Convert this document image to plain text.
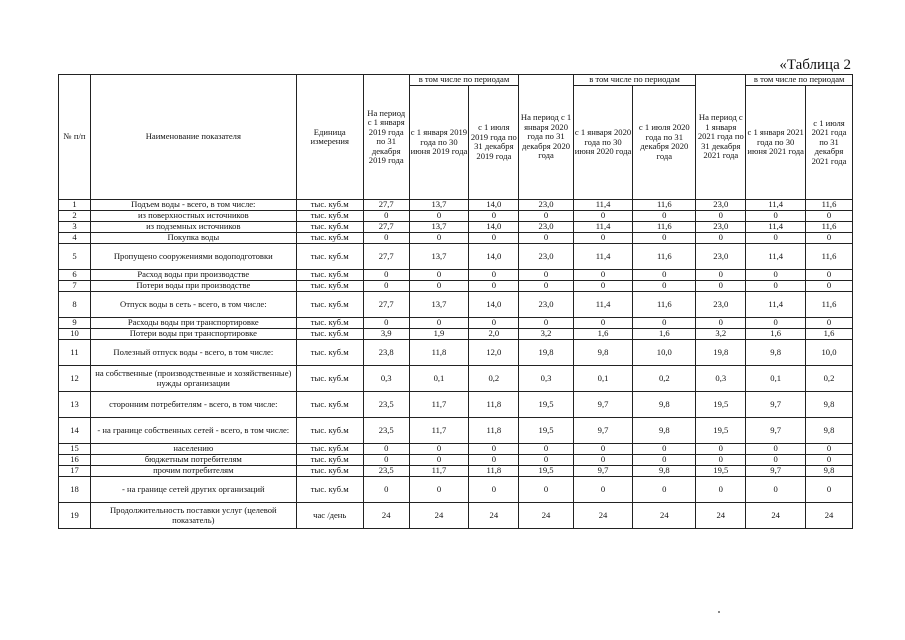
«Таблица 2
№ п/п	Наименование показателя	Единица измерения	На период с 1 января 2019 года по 31 декабря 2019 года	в том числе по периодам		На период с 1 января 2020 года по 31 декабря 2020 года	в том числе по периодам		На период с 1 января 2021 года по 31 декабря 2021 года	в том числе по периодам	
				с 1 января 2019 года по 30 июня 2019 года	с 1 июля 2019 года по 31 декабря 2019 года		с 1 января 2020 года по 30 июня 2020 года	с 1 июля 2020 года по 31 декабря 2020 года		с 1 января 2021 года по 30 июня 2021 года	с 1 июля 2021 года по 31 декабря 2021 года
1	Подъем воды - всего, в том числе:	тыс. куб.м	27,7	13,7	14,0	23,0	11,4	11,6	23,0	11,4	11,6
2	из поверхностных источников	тыс. куб.м	0	0	0	0	0	0	0	0	0
3	из подземных источников	тыс. куб.м	27,7	13,7	14,0	23,0	11,4	11,6	23,0	11,4	11,6
4	Покупка воды	тыс. куб.м	0	0	0	0	0	0	0	0	0
5	Пропущено сооружениями водоподготовки	тыс. куб.м	27,7	13,7	14,0	23,0	11,4	11,6	23,0	11,4	11,6
6	Расход воды при производстве	тыс. куб.м	0	0	0	0	0	0	0	0	0
7	Потери воды при производстве	тыс. куб.м	0	0	0	0	0	0	0	0	0
8	Отпуск воды в сеть - всего, в том числе:	тыс. куб.м	27,7	13,7	14,0	23,0	11,4	11,6	23,0	11,4	11,6
9	Расходы воды при транспортировке	тыс. куб.м	0	0	0	0	0	0	0	0	0
10	Потери воды при транспортировке	тыс. куб.м	3,9	1,9	2,0	3,2	1,6	1,6	3,2	1,6	1,6
11	Полезный отпуск воды - всего, в том числе:	тыс. куб.м	23,8	11,8	12,0	19,8	9,8	10,0	19,8	9,8	10,0
12	на собственные (производственные и хозяйственные) нужды организации	тыс. куб.м	0,3	0,1	0,2	0,3	0,1	0,2	0,3	0,1	0,2
13	сторонним потребителям - всего, в том числе:	тыс. куб.м	23,5	11,7	11,8	19,5	9,7	9,8	19,5	9,7	9,8
14	- на границе собственных сетей - всего, в том числе:	тыс. куб.м	23,5	11,7	11,8	19,5	9,7	9,8	19,5	9,7	9,8
15	населению	тыс. куб.м	0	0	0	0	0	0	0	0	0
16	бюджетным потребителям	тыс. куб.м	0	0	0	0	0	0	0	0	0
17	прочим потребителям	тыс. куб.м	23,5	11,7	11,8	19,5	9,7	9,8	19,5	9,7	9,8
18	- на границе сетей других организаций	тыс. куб.м	0	0	0	0	0	0	0	0	0
19	Продолжительность поставки услуг (целевой показатель)	час /день	24	24	24	24	24	24	24	24	24
